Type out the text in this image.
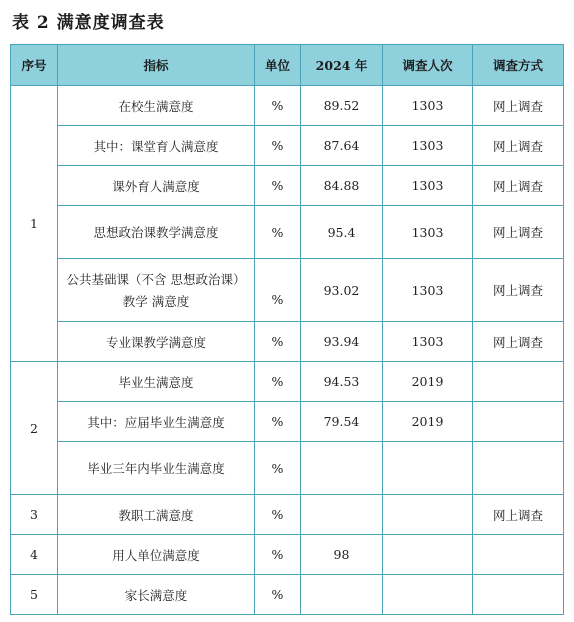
表 2 满意度调查表
序号	指标	单位	2024 年	调查人次	调查方式
1	在校生满意度	%	89.52	1303	网上调查
	其中：课堂育人满意度	%	87.64	1303	网上调查
	课外育人满意度	%	84.88	1303	网上调查
	思想政治课教学满意度	%	95.4	1303	网上调查

	公共基础课（不含 思想政治课）
教学 满意度	%	93.02	1303	网上调查
	专业课教学满意度	%	93.94	1303	网上调查
2	毕业生满意度	%	94.53	2019	
	其中：应届毕业生满意度	%	79.54	2019	
	毕业三年内毕业生满意度	%			
3	教职工满意度	%			网上调查
4	用人单位满意度	%	98		
5	家长满意度	%			
